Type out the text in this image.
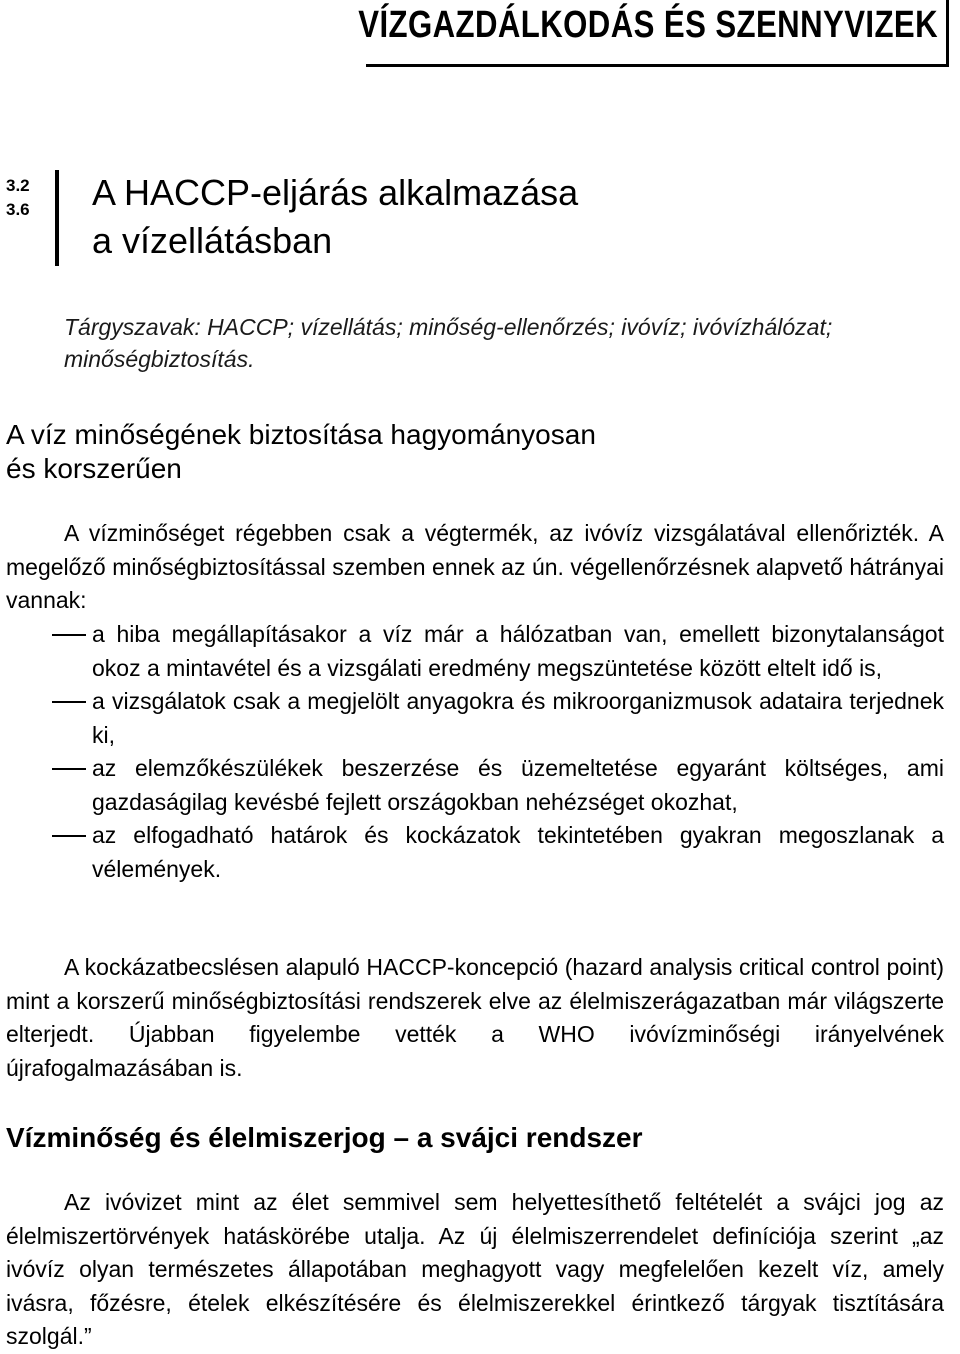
VÍZGAZDÁLKODÁS ÉS SZENNYVIZEK
3.2
3.6 A HACCP-eljárás alkalmazása
a vízellátásban

Tárgyszavak: HACCP; vízellátás; minőség-ellenőrzés; ivóvíz; ivóvízhálózat; minőségbiztosítás.

A víz minőségének biztosítása hagyományosan
és korszerűen

A vízminőséget régebben csak a végtermék, az ivóvíz vizsgálatával ellenőrizték. A megelőző minőségbiztosítással szemben ennek az ún. végellenőrzésnek alapvető hátrányai vannak:

a hiba megállapításakor a víz már a hálózatban van, emellett bizonytalanságot okoz a mintavétel és a vizsgálati eredmény megszüntetése között eltelt idő is,
a vizsgálatok csak a megjelölt anyagokra és mikroorganizmusok adataira terjednek ki,
az elemzőkészülékek beszerzése és üzemeltetése egyaránt költséges, ami gazdaságilag kevésbé fejlett országokban nehézséget okozhat,
az elfogadható határok és kockázatok tekintetében gyakran megoszlanak a vélemények.

A kockázatbecslésen alapuló HACCP-koncepció (hazard analysis critical control point) mint a korszerű minőségbiztosítási rendszerek elve az élelmiszerágazatban már világszerte elterjedt. Újabban figyelembe vették a WHO ivóvízminőségi irányelvének újrafogalmazásában is.

Vízminőség és élelmiszerjog – a svájci rendszer

Az ivóvizet mint az élet semmivel sem helyettesíthető feltételét a svájci jog az élelmiszertörvények hatáskörébe utalja. Az új élelmiszerrendelet definíciója szerint „az ivóvíz olyan természetes állapotában meghagyott vagy megfelelően kezelt víz, amely ivásra, főzésre, ételek elkészítésére és élelmiszerekkel érintkező tárgyak tisztítására szolgál.”
